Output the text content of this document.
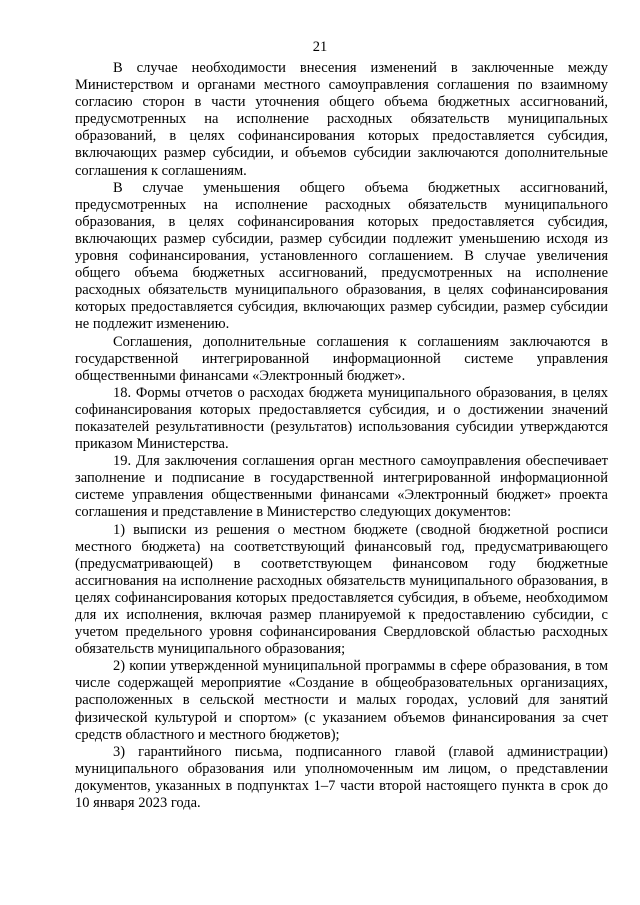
21

В случае необходимости внесения изменений в заключенные между Министерством и органами местного самоуправления соглашения по взаимному согласию сторон в части уточнения общего объема бюджетных ассигнований, предусмотренных на исполнение расходных обязательств муниципальных образований, в целях софинансирования которых предоставляется субсидия, включающих размер субсидии, и объемов субсидии заключаются дополнительные соглашения к соглашениям.

В случае уменьшения общего объема бюджетных ассигнований, предусмотренных на исполнение расходных обязательств муниципального образования, в целях софинансирования которых предоставляется субсидия, включающих размер субсидии, размер субсидии подлежит уменьшению исходя из уровня софинансирования, установленного соглашением. В случае увеличения общего объема бюджетных ассигнований, предусмотренных на исполнение расходных обязательств муниципального образования, в целях софинансирования которых предоставляется субсидия, включающих размер субсидии, размер субсидии не подлежит изменению.

Соглашения, дополнительные соглашения к соглашениям заключаются в государственной интегрированной информационной системе управления общественными финансами «Электронный бюджет».

18. Формы отчетов о расходах бюджета муниципального образования, в целях софинансирования которых предоставляется субсидия, и о достижении значений показателей результативности (результатов) использования субсидии утверждаются приказом Министерства.

19. Для заключения соглашения орган местного самоуправления обеспечивает заполнение и подписание в государственной интегрированной информационной системе управления общественными финансами «Электронный бюджет» проекта соглашения и представление в Министерство следующих документов:

1) выписки из решения о местном бюджете (сводной бюджетной росписи местного бюджета) на соответствующий финансовый год, предусматривающего (предусматривающей) в соответствующем финансовом году бюджетные ассигнования на исполнение расходных обязательств муниципального образования, в целях софинансирования которых предоставляется субсидия, в объеме, необходимом для их исполнения, включая размер планируемой к предоставлению субсидии, с учетом предельного уровня софинансирования Свердловской областью расходных обязательств муниципального образования;

2) копии утвержденной муниципальной программы в сфере образования, в том числе содержащей мероприятие «Создание в общеобразовательных организациях, расположенных в сельской местности и малых городах, условий для занятий физической культурой и спортом» (с указанием объемов финансирования за счет средств областного и местного бюджетов);

3) гарантийного письма, подписанного главой (главой администрации) муниципального образования или уполномоченным им лицом, о представлении документов, указанных в подпунктах 1–7 части второй настоящего пункта в срок до 10 января 2023 года.
